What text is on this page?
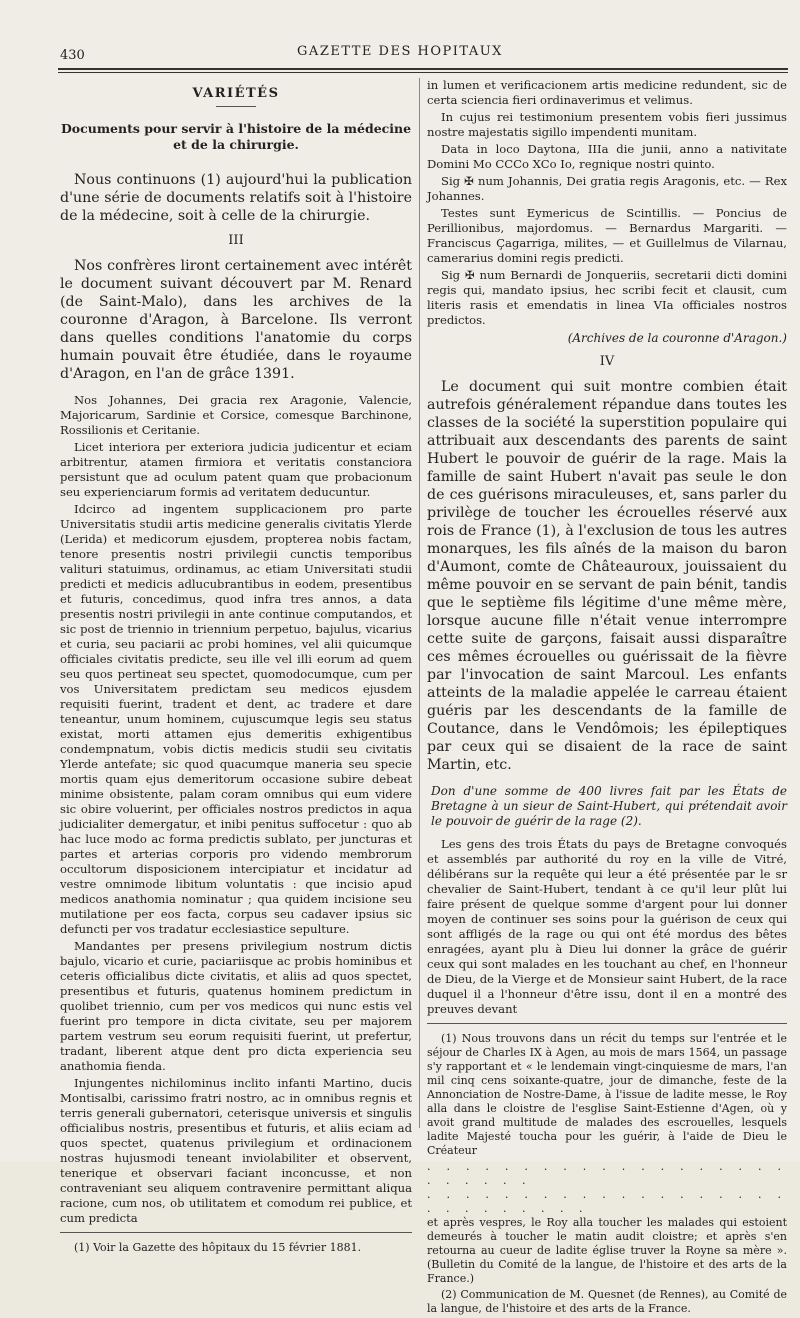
430	GAZETTE DES HOPITAUX
VARIÉTÉS
Documents pour servir à l'histoire de la médecine et de la chirurgie.

Nous continuons (1) aujourd'hui la publication d'une série de documents relatifs soit à l'histoire de la médecine, soit à celle de la chirurgie.

III

Nos confrères liront certainement avec intérêt le document suivant découvert par M. Renard (de Saint-Malo), dans les archives de la couronne d'Aragon, à Barcelone. Ils verront dans quelles conditions l'anatomie du corps humain pouvait être étudiée, dans le royaume d'Aragon, en l'an de grâce 1391.

Nos Johannes, Dei gracia rex Aragonie, Valencie, Majoricarum, Sardinie et Corsice, comesque Barchinone, Rossilionis et Ceritanie.

Licet interiora per exteriora judicia judicentur et eciam arbitrentur, atamen firmiora et veritatis constanciora persistunt que ad oculum patent quam que probacionum seu experienciarum formis ad veritatem deducuntur.

Idcirco ad ingentem supplicacionem pro parte Universitatis studii artis medicine generalis civitatis Ylerde (Lerida) et medicorum ejusdem, propterea nobis factam, tenore presentis nostri privilegii cunctis temporibus valituri statuimus, ordinamus, ac etiam Universitati studii predicti et medicis adlucubrantibus in eodem, presentibus et futuris, concedimus, quod infra tres annos, a data presentis nostri privilegii in ante continue computandos, et sic post de triennio in triennium perpetuo, bajulus, vicarius et curia, seu paciarii ac probi homines, vel alii quicumque officiales civitatis predicte, seu ille vel illi eorum ad quem seu quos pertineat seu spectet, quomodocumque, cum per vos Universitatem predictam seu medicos ejusdem requisiti fuerint, tradent et dent, ac tradere et dare teneantur, unum hominem, cujuscumque legis seu status existat, morti attamen ejus demeritis exhigentibus condempnatum, vobis dictis medicis studii seu civitatis Ylerde antefate; sic quod quacumque maneria seu specie mortis quam ejus demeritorum occasione subire debeat minime obsistente, palam coram omnibus qui eum videre sic obire voluerint, per officiales nostros predictos in aqua judicialiter demergatur, et inibi penitus suffocetur : quo ab hac luce modo ac forma predictis sublato, per juncturas et partes et arterias corporis pro videndo membrorum occultorum disposicionem intercipiatur et incidatur ad vestre omnimode libitum voluntatis : que incisio apud medicos anathomia nominatur ; qua quidem incisione seu mutilatione per eos facta, corpus seu cadaver ipsius sic defuncti per vos tradatur ecclesiastice sepulture.

Mandantes per presens privilegium nostrum dictis bajulo, vicario et curie, paciariisque ac probis hominibus et ceteris officialibus dicte civitatis, et aliis ad quos spectet, presentibus et futuris, quatenus hominem predictum in quolibet triennio, cum per vos medicos qui nunc estis vel fuerint pro tempore in dicta civitate, seu per majorem partem vestrum seu eorum requisiti fuerint, ut prefertur, tradant, liberent atque dent pro dicta experiencia seu anathomia fienda.

Injungentes nichilominus inclito infanti Martino, ducis Montisalbi, carissimo fratri nostro, ac in omnibus regnis et terris generali gubernatori, ceterisque universis et singulis officialibus nostris, presentibus et futuris, et aliis eciam ad quos spectet, quatenus privilegium et ordinacionem nostras hujusmodi teneant inviolabiliter et observent, tenerique et observari faciant inconcusse, et non contraveniant seu aliquem contravenire permittant aliqua racione, cum nos, ob utilitatem et comodum rei publice, et cum predicta

(1) Voir la Gazette des hôpitaux du 15 février 1881.

in lumen et verificacionem artis medicine redundent, sic de certa sciencia fieri ordinaverimus et velimus.

In cujus rei testimonium presentem vobis fieri jussimus nostre majestatis sigillo impendenti munitam.

Data in loco Daytona, IIIa die junii, anno a nativitate Domini Mo CCCo XCo Io, regnique nostri quinto.

Sig ✠ num Johannis, Dei gratia regis Aragonis, etc. — Rex Johannes.

Testes sunt Eymericus de Scintillis. — Poncius de Perillionibus, majordomus. — Bernardus Margariti. — Franciscus Çagarriga, milites, — et Guillelmus de Vilarnau, camerarius domini regis predicti.

Sig ✠ num Bernardi de Jonqueriis, secretarii dicti domini regis qui, mandato ipsius, hec scribi fecit et clausit, cum literis rasis et emendatis in linea VIa officiales nostros predictos.

(Archives de la couronne d'Aragon.)
IV

Le document qui suit montre combien était autrefois généralement répandue dans toutes les classes de la société la superstition populaire qui attribuait aux descendants des parents de saint Hubert le pouvoir de guérir de la rage. Mais la famille de saint Hubert n'avait pas seule le don de ces guérisons miraculeuses, et, sans parler du privilège de toucher les écrouelles réservé aux rois de France (1), à l'exclusion de tous les autres monarques, les fils aînés de la maison du baron d'Aumont, comte de Châteauroux, jouissaient du même pouvoir en se servant de pain bénit, tandis que le septième fils légitime d'une même mère, lorsque aucune fille n'était venue interrompre cette suite de garçons, faisait aussi disparaître ces mêmes écrouelles ou guérissait de la fièvre par l'invocation de saint Marcoul. Les enfants atteints de la maladie appelée le carreau étaient guéris par les descendants de la famille de Coutance, dans le Vendômois; les épileptiques par ceux qui se disaient de la race de saint Martin, etc.

Don d'une somme de 400 livres fait par les États de Bretagne à un sieur de Saint-Hubert, qui prétendait avoir le pouvoir de guérir de la rage (2).

Les gens des trois États du pays de Bretagne convoqués et assemblés par authorité du roy en la ville de Vitré, délibérans sur la requête qui leur a été présentée par le sr chevalier de Saint-Hubert, tendant à ce qu'il leur plût lui faire présent de quelque somme d'argent pour lui donner moyen de continuer ses soins pour la guérison de ceux qui sont affligés de la rage ou qui ont été mordus des bêtes enragées, ayant plu à Dieu lui donner la grâce de guérir ceux qui sont malades en les touchant au chef, en l'honneur de Dieu, de la Vierge et de Monsieur saint Hubert, de la race duquel il a l'honneur d'être issu, dont il en a montré des preuves devant

(1) Nous trouvons dans un récit du temps sur l'entrée et le séjour de Charles IX à Agen, au mois de mars 1564, un passage s'y rapportant et « le lendemain vingt-cinquiesme de mars, l'an mil cinq cens soixante-quatre, jour de dimanche, feste de la Annonciation de Nostre-Dame, à l'issue de ladite messe, le Roy alla dans le cloistre de l'esglise Saint-Estienne d'Agen, où y avoit grand multitude de malades des escrouelles, lesquels ladite Majesté toucha pour les guérir, à l'aide de Dieu le Créateur

. . . . . . . . . . . . . . . . . . . . . . . . .
. . . . . . . . . . . . . . . . . . . . . . . . . . . .

et après vespres, le Roy alla toucher les malades qui estoient demeurés à toucher le matin audit cloistre; et après s'en retourna au cueur de ladite église truver la Royne sa mère ». (Bulletin du Comité de la langue, de l'histoire et des arts de la France.)

(2) Communication de M. Quesnet (de Rennes), au Comité de la langue, de l'histoire et des arts de la France.
